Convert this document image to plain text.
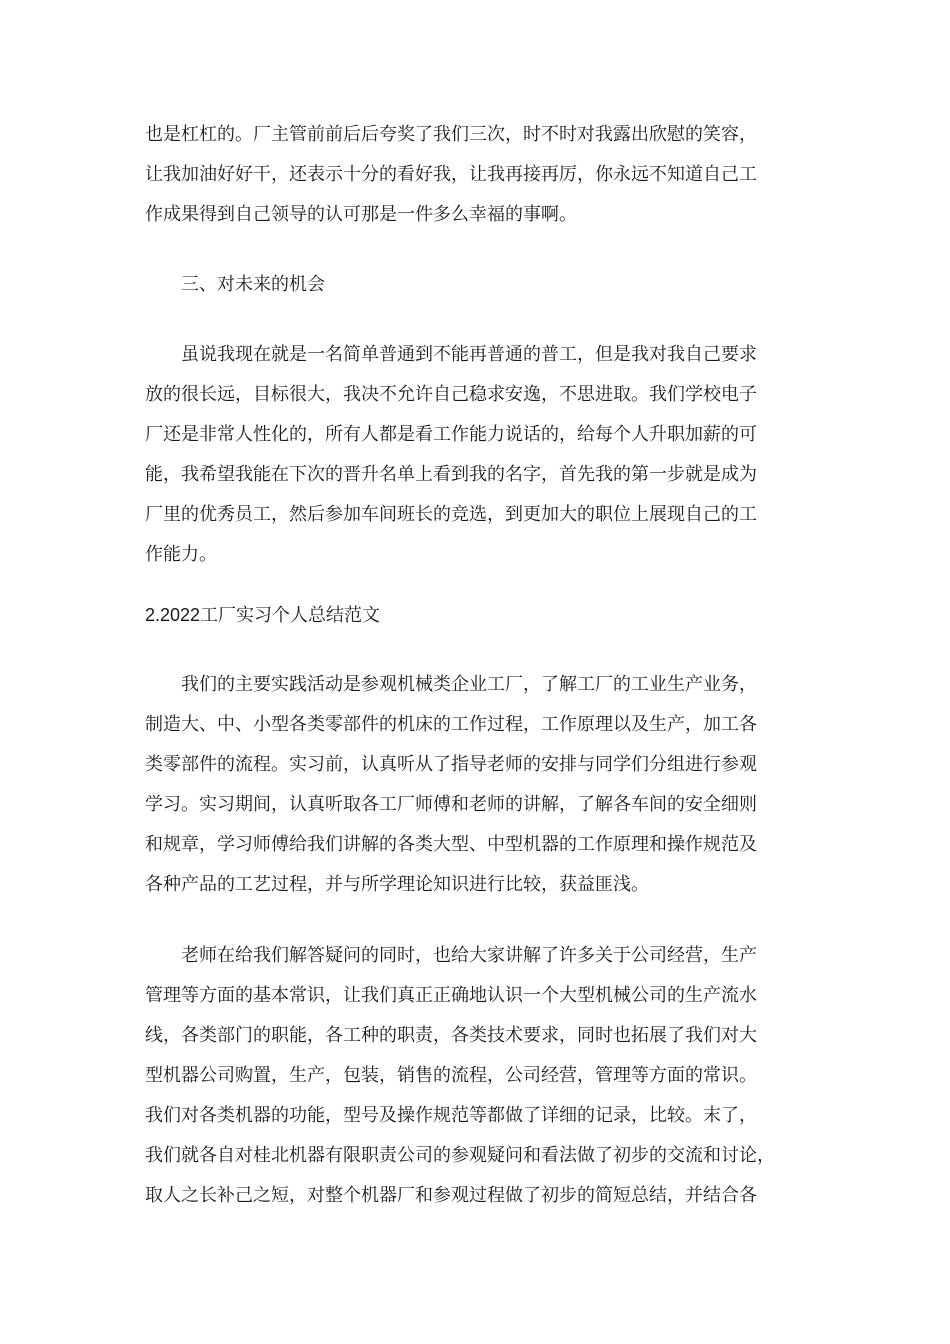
也是杠杠的。厂主管前前后后夸奖了我们三次，时不时对我露出欣慰的笑容，

让我加油好好干，还表示十分的看好我，让我再接再厉，你永远不知道自己工

作成果得到自己领导的认可那是一件多么幸福的事啊。

三、对未来的机会

虽说我现在就是一名简单普通到不能再普通的普工，但是我对我自己要求

放的很长远，目标很大，我决不允许自己稳求安逸，不思进取。我们学校电子

厂还是非常人性化的，所有人都是看工作能力说话的，给每个人升职加薪的可

能，我希望我能在下次的晋升名单上看到我的名字，首先我的第一步就是成为

厂里的优秀员工，然后参加车间班长的竞选，到更加大的职位上展现自己的工

作能力。

2.2022工厂实习个人总结范文

我们的主要实践活动是参观机械类企业工厂，了解工厂的工业生产业务，

制造大、中、小型各类零部件的机床的工作过程，工作原理以及生产，加工各

类零部件的流程。实习前，认真听从了指导老师的安排与同学们分组进行参观

学习。实习期间，认真听取各工厂师傅和老师的讲解，了解各车间的安全细则

和规章，学习师傅给我们讲解的各类大型、中型机器的工作原理和操作规范及

各种产品的工艺过程，并与所学理论知识进行比较，获益匪浅。

老师在给我们解答疑问的同时，也给大家讲解了许多关于公司经营，生产

管理等方面的基本常识，让我们真正正确地认识一个大型机械公司的生产流水

线，各类部门的职能，各工种的职责，各类技术要求，同时也拓展了我们对大

型机器公司购置，生产，包装，销售的流程，公司经营，管理等方面的常识。

我们对各类机器的功能，型号及操作规范等都做了详细的记录，比较。末了，

我们就各自对桂北机器有限职责公司的参观疑问和看法做了初步的交流和讨论，

取人之长补己之短，对整个机器厂和参观过程做了初步的简短总结，并结合各
